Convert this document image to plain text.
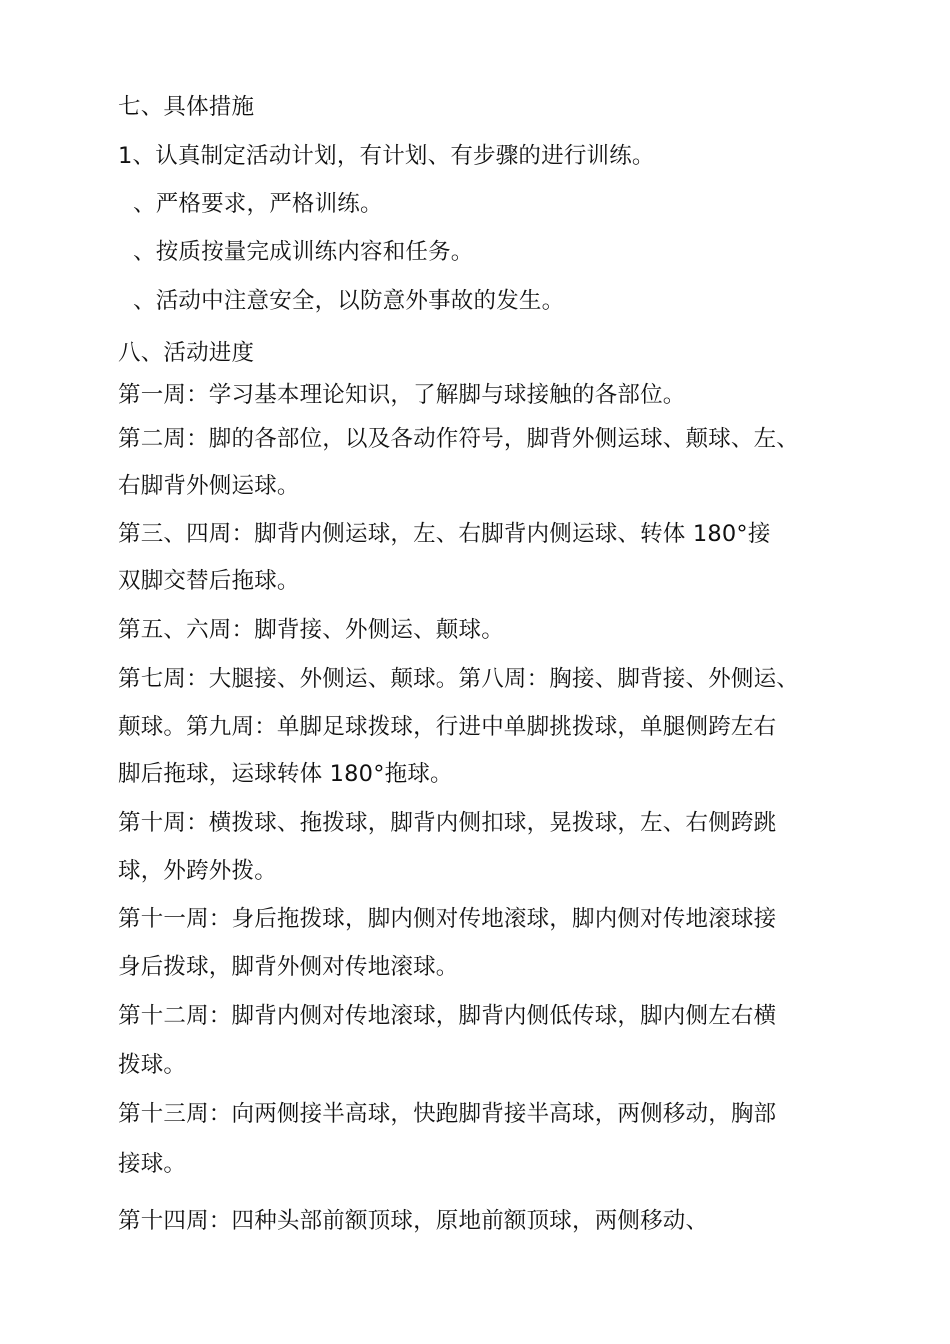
七、具体措施
1、认真制定活动计划，有计划、有步骤的进行训练。
、严格要求，严格训练。
、按质按量完成训练内容和任务。
、活动中注意安全，以防意外事故的发生。
八、活动进度
第一周：学习基本理论知识，了解脚与球接触的各部位。
第二周：脚的各部位，以及各动作符号，脚背外侧运球、颠球、左、
右脚背外侧运球。
第三、四周：脚背内侧运球，左、右脚背内侧运球、转体 180°接
双脚交替后拖球。
第五、六周：脚背接、外侧运、颠球。
第七周：大腿接、外侧运、颠球。第八周：胸接、脚背接、外侧运、
颠球。第九周：单脚足球拨球，行进中单脚挑拨球，单腿侧跨左右
脚后拖球，运球转体 180°拖球。
第十周：横拨球、拖拨球，脚背内侧扣球，晃拨球，左、右侧跨跳
球，外跨外拨。
第十一周：身后拖拨球，脚内侧对传地滚球，脚内侧对传地滚球接
身后拨球，脚背外侧对传地滚球。
第十二周：脚背内侧对传地滚球，脚背内侧低传球，脚内侧左右横
拨球。
第十三周：向两侧接半高球，快跑脚背接半高球，两侧移动，胸部
接球。
第十四周：四种头部前额顶球，原地前额顶球，两侧移动、
